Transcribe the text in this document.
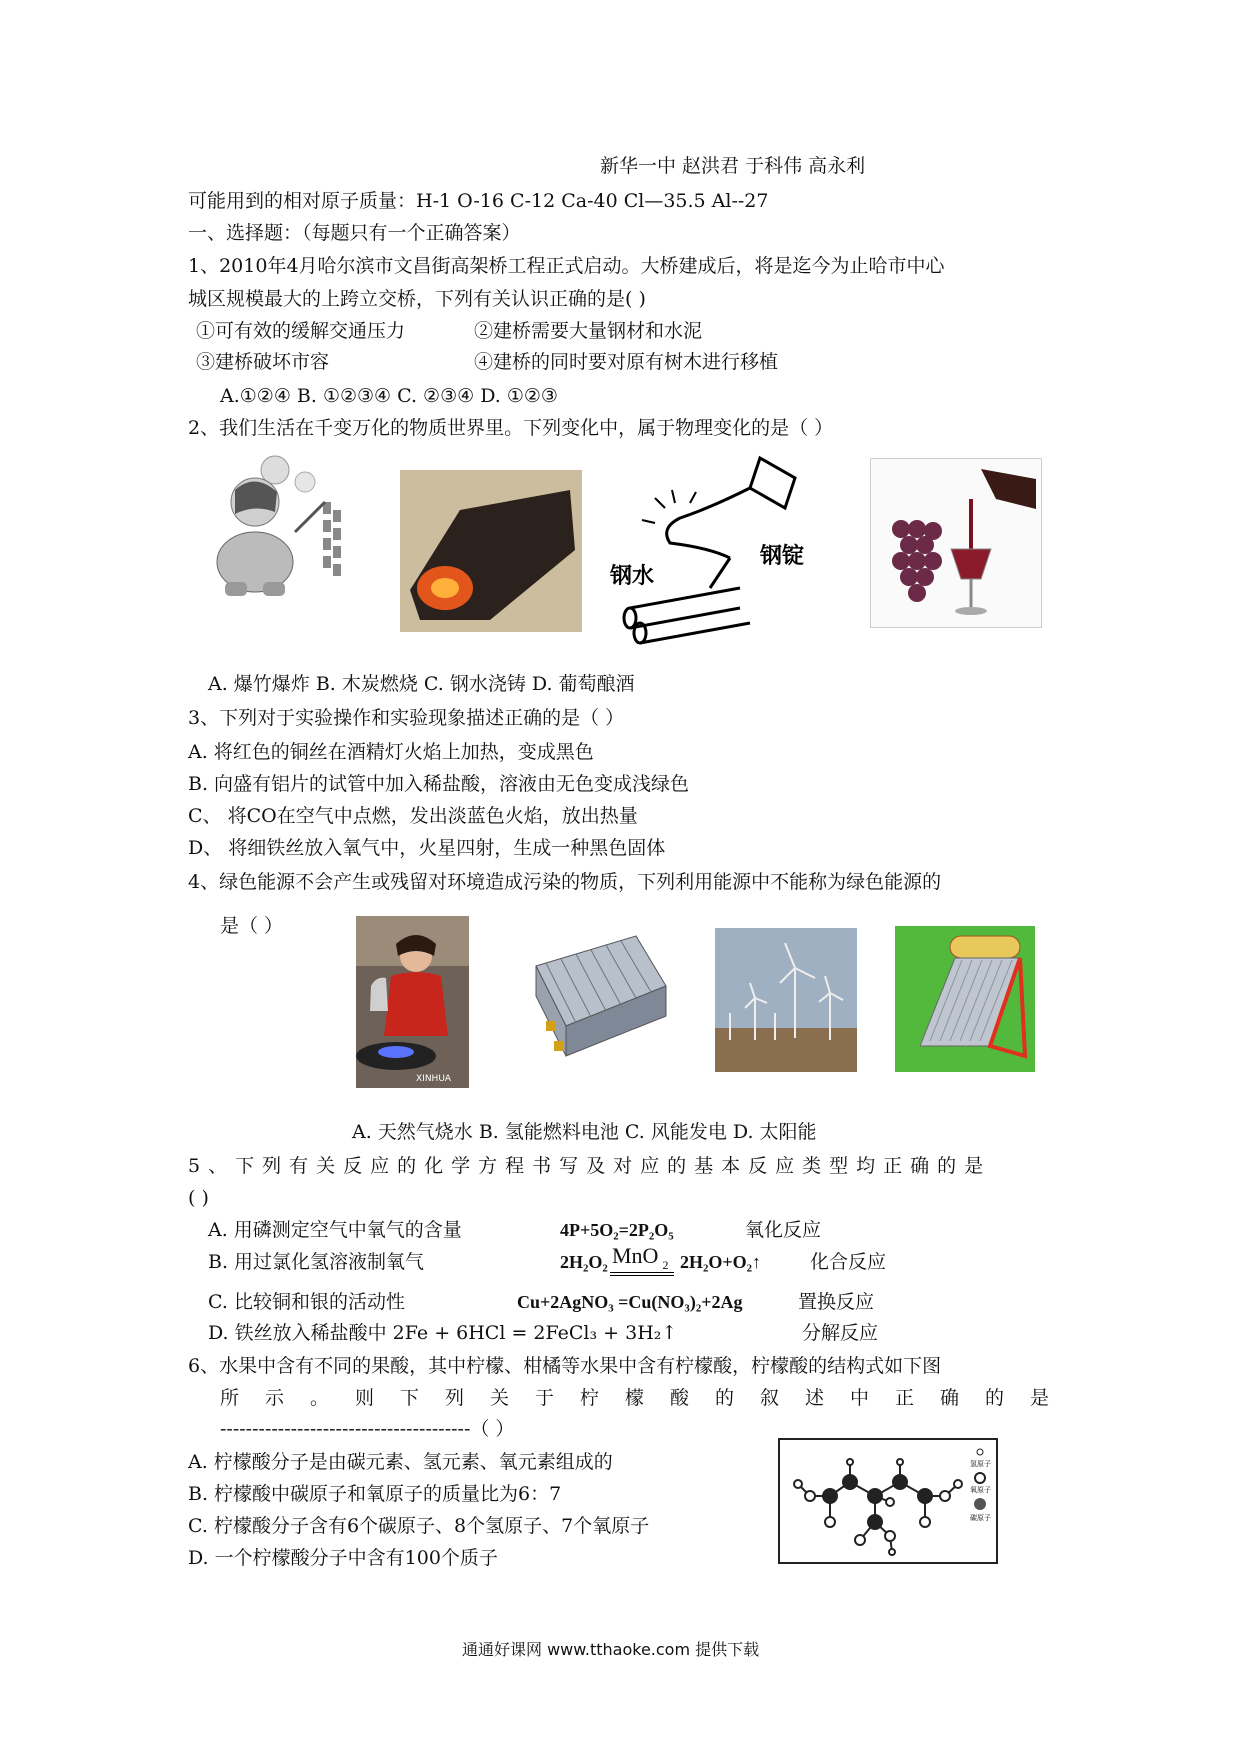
新华一中 赵洪君 于科伟 高永利
可能用到的相对原子质量：H-1 O-16 C-12 Ca-40 Cl—35.5 Al--27
一、选择题：（每题只有一个正确答案）
1、2010年4月哈尔滨市文昌街高架桥工程正式启动。大桥建成后，将是迄今为止哈市中心
城区规模最大的上跨立交桥，下列有关认识正确的是( )
①可有效的缓解交通压力	②建桥需要大量钢材和水泥
③建桥破坏市容	④建桥的同时要对原有树木进行移植
A.①②④ B. ①②③④ C. ②③④ D. ①②③
2、我们生活在千变万化的物质世界里。下列变化中，属于物理变化的是（ ）
钢水
钢锭
A. 爆竹爆炸 B. 木炭燃烧 C. 钢水浇铸 D. 葡萄酿酒
3、下列对于实验操作和实验现象描述正确的是（ ）
A. 将红色的铜丝在酒精灯火焰上加热，变成黑色
B. 向盛有铝片的试管中加入稀盐酸，溶液由无色变成浅绿色
C、 将CO在空气中点燃，发出淡蓝色火焰，放出热量
D、 将细铁丝放入氧气中，火星四射，生成一种黑色固体
4、绿色能源不会产生或残留对环境造成污染的物质，下列利用能源中不能称为绿色能源的
是（ ）
XINHUA
A. 天然气烧水 B. 氢能燃料电池 C. 风能发电 D. 太阳能
5、下列有关反应的化学方程书写及对应的基本反应类型均正确的是
( )
A. 用磷测定空气中氧气的含量	4P+5O₂=2P₂O₅	氧化反应
B. 用过氯化氢溶液制氧气	2H₂O₂ MnO $_2$ 2H₂O+O₂↑	化合反应
C. 比较铜和银的活动性	Cu+2AgNO₃ =Cu(NO₃)₂+2Ag	置换反应
D. 铁丝放入稀盐酸中 2Fe + 6HCl = 2FeCl₃ + 3H₂↑	分解反应
6、水果中含有不同的果酸，其中柠檬、柑橘等水果中含有柠檬酸，柠檬酸的结构式如下图
所示。则下列关于柠檬酸的叙述中正确的是
---------------------------------------（ ）
A. 柠檬酸分子是由碳元素、氢元素、氧元素组成的
B. 柠檬酸中碳原子和氧原子的质量比为6：7
C. 柠檬酸分子含有6个碳原子、8个氢原子、7个氧原子
D. 一个柠檬酸分子中含有100个质子
氢原子
氧原子
碳原子
通通好课网 www.tthaoke.com 提供下载
